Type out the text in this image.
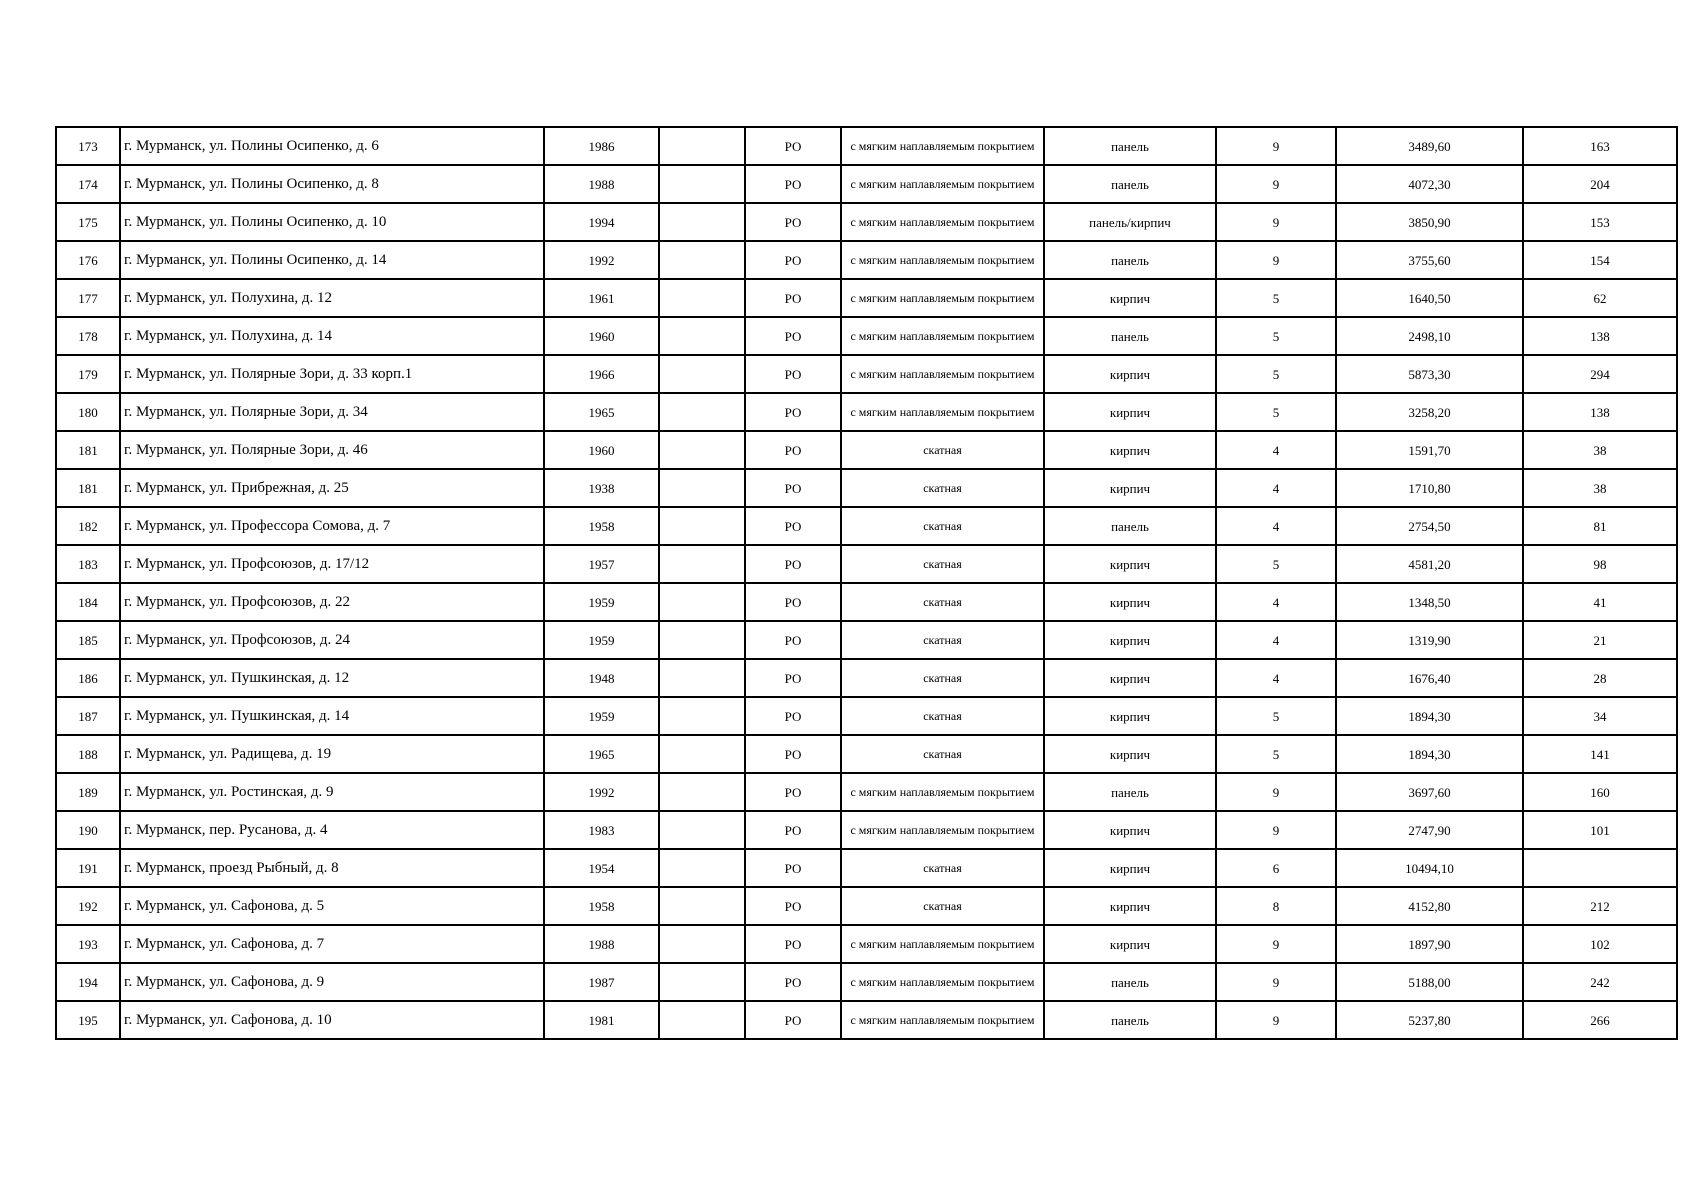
173	г. Мурманск, ул. Полины Осипенко, д. 6	1986		РО	с мягким наплавляемым покрытием	панель	9	3489,60	163
174	г. Мурманск, ул. Полины Осипенко, д. 8	1988		РО	с мягким наплавляемым покрытием	панель	9	4072,30	204
175	г. Мурманск, ул. Полины Осипенко, д. 10	1994		РО	с мягким наплавляемым покрытием	панель/кирпич	9	3850,90	153
176	г. Мурманск, ул. Полины Осипенко, д. 14	1992		РО	с мягким наплавляемым покрытием	панель	9	3755,60	154
177	г. Мурманск, ул. Полухина, д. 12	1961		РО	с мягким наплавляемым покрытием	кирпич	5	1640,50	62
178	г. Мурманск, ул. Полухина, д. 14	1960		РО	с мягким наплавляемым покрытием	панель	5	2498,10	138
179	г. Мурманск, ул. Полярные Зори, д. 33 корп.1	1966		РО	с мягким наплавляемым покрытием	кирпич	5	5873,30	294
180	г. Мурманск, ул. Полярные Зори, д. 34	1965		РО	с мягким наплавляемым покрытием	кирпич	5	3258,20	138
181	г. Мурманск, ул. Полярные Зори, д. 46	1960		РО	скатная	кирпич	4	1591,70	38
181	г. Мурманск, ул. Прибрежная, д. 25	1938		РО	скатная	кирпич	4	1710,80	38
182	г. Мурманск, ул. Профессора Сомова, д. 7	1958		РО	скатная	панель	4	2754,50	81
183	г. Мурманск, ул. Профсоюзов, д. 17/12	1957		РО	скатная	кирпич	5	4581,20	98
184	г. Мурманск, ул. Профсоюзов, д. 22	1959		РО	скатная	кирпич	4	1348,50	41
185	г. Мурманск, ул. Профсоюзов, д. 24	1959		РО	скатная	кирпич	4	1319,90	21
186	г. Мурманск, ул. Пушкинская, д. 12	1948		РО	скатная	кирпич	4	1676,40	28
187	г. Мурманск, ул. Пушкинская, д. 14	1959		РО	скатная	кирпич	5	1894,30	34
188	г. Мурманск, ул. Радищева, д. 19	1965		РО	скатная	кирпич	5	1894,30	141
189	г. Мурманск, ул. Ростинская, д. 9	1992		РО	с мягким наплавляемым покрытием	панель	9	3697,60	160
190	г. Мурманск, пер. Русанова, д. 4	1983		РО	с мягким наплавляемым покрытием	кирпич	9	2747,90	101
191	г. Мурманск, проезд Рыбный, д. 8	1954		РО	скатная	кирпич	6	10494,10	
192	г. Мурманск, ул. Сафонова, д. 5	1958		РО	скатная	кирпич	8	4152,80	212
193	г. Мурманск, ул. Сафонова, д. 7	1988		РО	с мягким наплавляемым покрытием	кирпич	9	1897,90	102
194	г. Мурманск, ул. Сафонова, д. 9	1987		РО	с мягким наплавляемым покрытием	панель	9	5188,00	242
195	г. Мурманск, ул. Сафонова, д. 10	1981		РО	с мягким наплавляемым покрытием	панель	9	5237,80	266
